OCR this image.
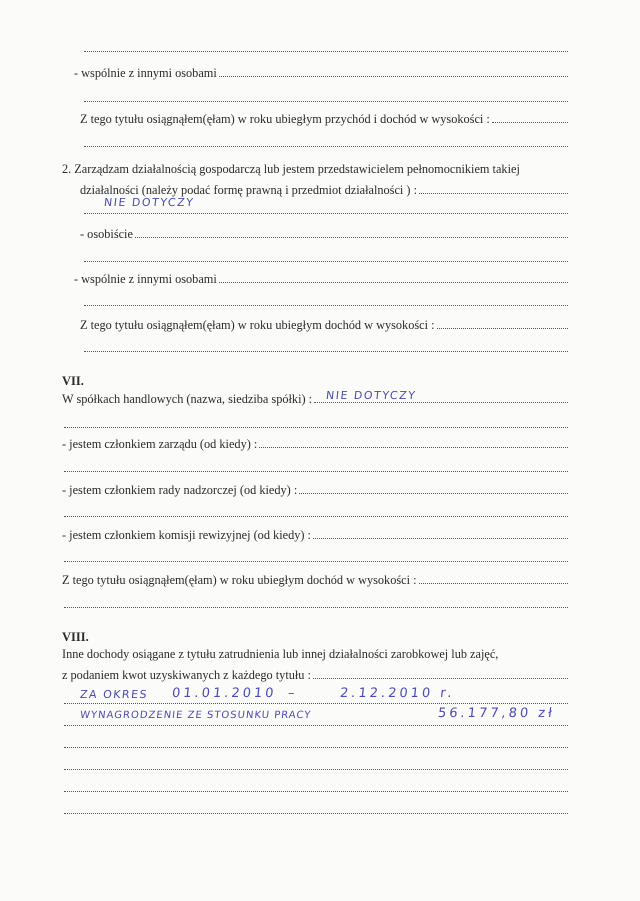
- wspólnie z innymi osobami
Z tego tytułu osiągnąłem(ęłam) w roku ubiegłym przychód i dochód w wysokości :
2. Zarządzam działalnością gospodarczą lub jestem przedstawicielem pełnomocnikiem takiej
działalności (należy podać formę prawną i przedmiot działalności ) :
NIE DOTYCZY
- osobiście
- wspólnie z innymi osobami
Z tego tytułu osiągnąłem(ęłam) w roku ubiegłym dochód w wysokości :
VII.
W spółkach handlowych (nazwa, siedziba spółki) : NIE DOTYCZY
- jestem członkiem zarządu (od kiedy) :
- jestem członkiem rady nadzorczej (od kiedy) :
- jestem członkiem komisji rewizyjnej (od kiedy) :
Z tego tytułu osiągnąłem(ęłam) w roku ubiegłym dochód w wysokości :
VIII.
Inne dochody osiągane z tytułu zatrudnienia lub innej działalności zarobkowej lub zajęć,
z podaniem kwot uzyskiwanych z każdego tytułu :
ZA OKRES 01.01.2010 –	2.12.2010 r.
WYNAGRODZENIE ZE STOSUNKU PRACY	56.177,80 zł
